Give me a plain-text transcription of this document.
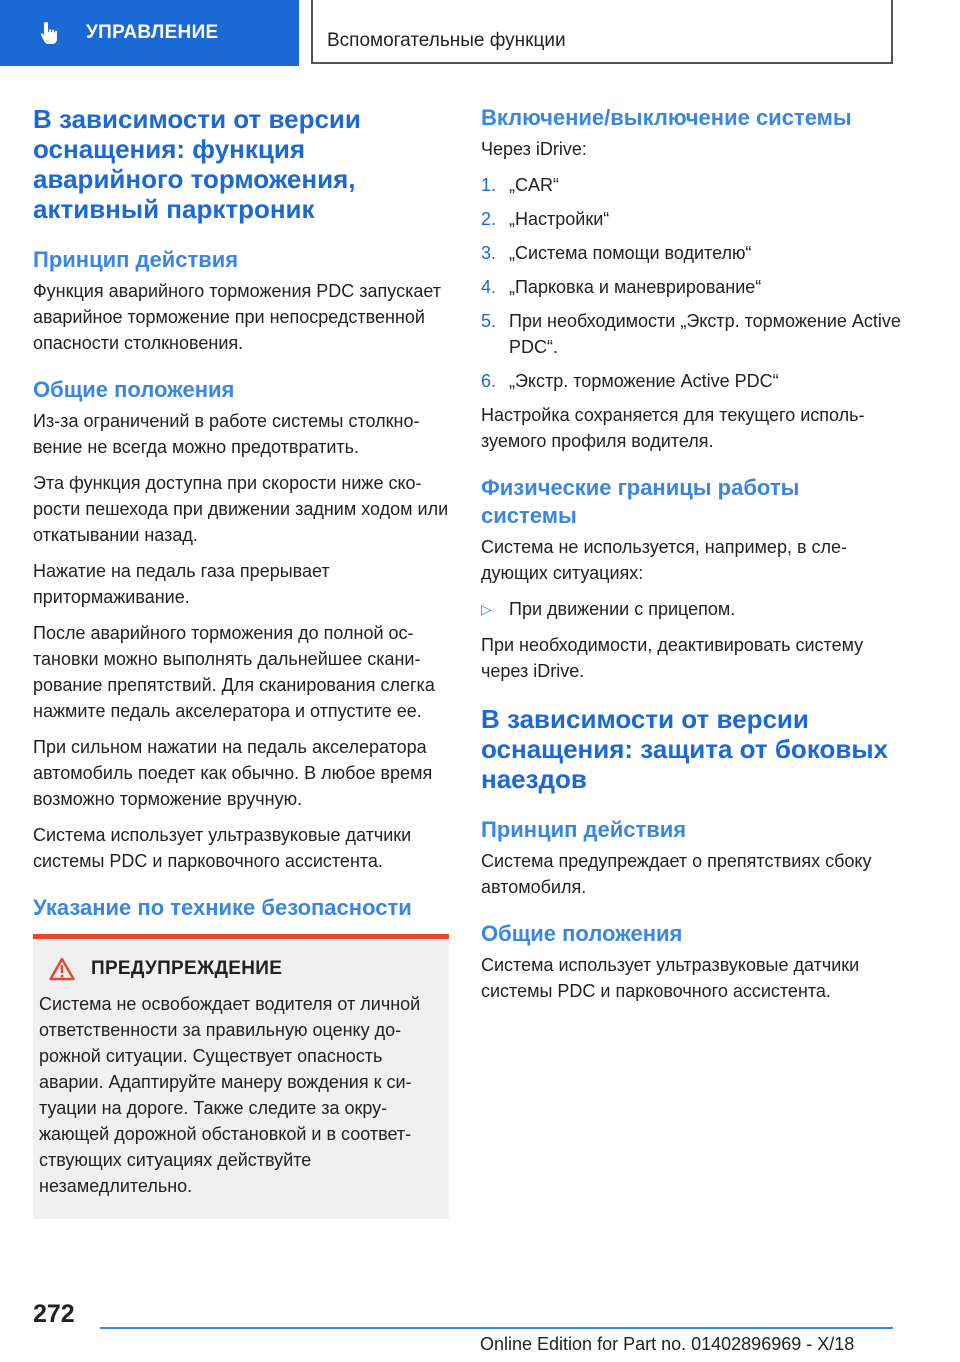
УПРАВЛЕНИЕ	Вспомогательные функции
В зависимости от версии оснащения: функция аварийного торможения, активный парктроник
Принцип действия

Функция аварийного торможения PDC запускает аварийное торможение при непосредственной опасности столкновения.

Общие положения

Из-за ограничений в работе системы столкновение не всегда можно предотвратить.

Эта функция доступна при скорости ниже скорости пешехода при движении задним ходом или откатывании назад.

Нажатие на педаль газа прерывает притормаживание.

После аварийного торможения до полной остановки можно выполнять дальнейшее сканирование препятствий. Для сканирования слегка нажмите педаль акселератора и отпустите ее.

При сильном нажатии на педаль акселератора автомобиль поедет как обычно. В любое время возможно торможение вручную.

Система использует ультразвуковые датчики системы PDC и парковочного ассистента.

Указание по технике безопасности
ПРЕДУПРЕЖДЕНИЕ

Система не освобождает водителя от личной ответственности за правильную оценку дорожной ситуации. Существует опасность аварии. Адаптируйте манеру вождения к ситуации на дороге. Также следите за окружающей дорожной обстановкой и в соответствующих ситуациях действуйте незамедлительно.

Включение/выключение системы

Через iDrive:

1. „CAR“
2. „Настройки“
3. „Система помощи водителю“
4. „Парковка и маневрирование“
5. При необходимости „Экстр. торможение Active PDC“.
6. „Экстр. торможение Active PDC“

Настройка сохраняется для текущего используемого профиля водителя.

Физические границы работы системы

Система не используется, например, в следующих ситуациях:

▷ При движении с прицепом.

При необходимости, деактивировать систему через iDrive.

В зависимости от версии оснащения: защита от боковых наездов
Принцип действия

Система предупреждает о препятствиях сбоку автомобиля.

Общие положения

Система использует ультразвуковые датчики системы PDC и парковочного ассистента.

272
Online Edition for Part no. 01402896969 - X/18
